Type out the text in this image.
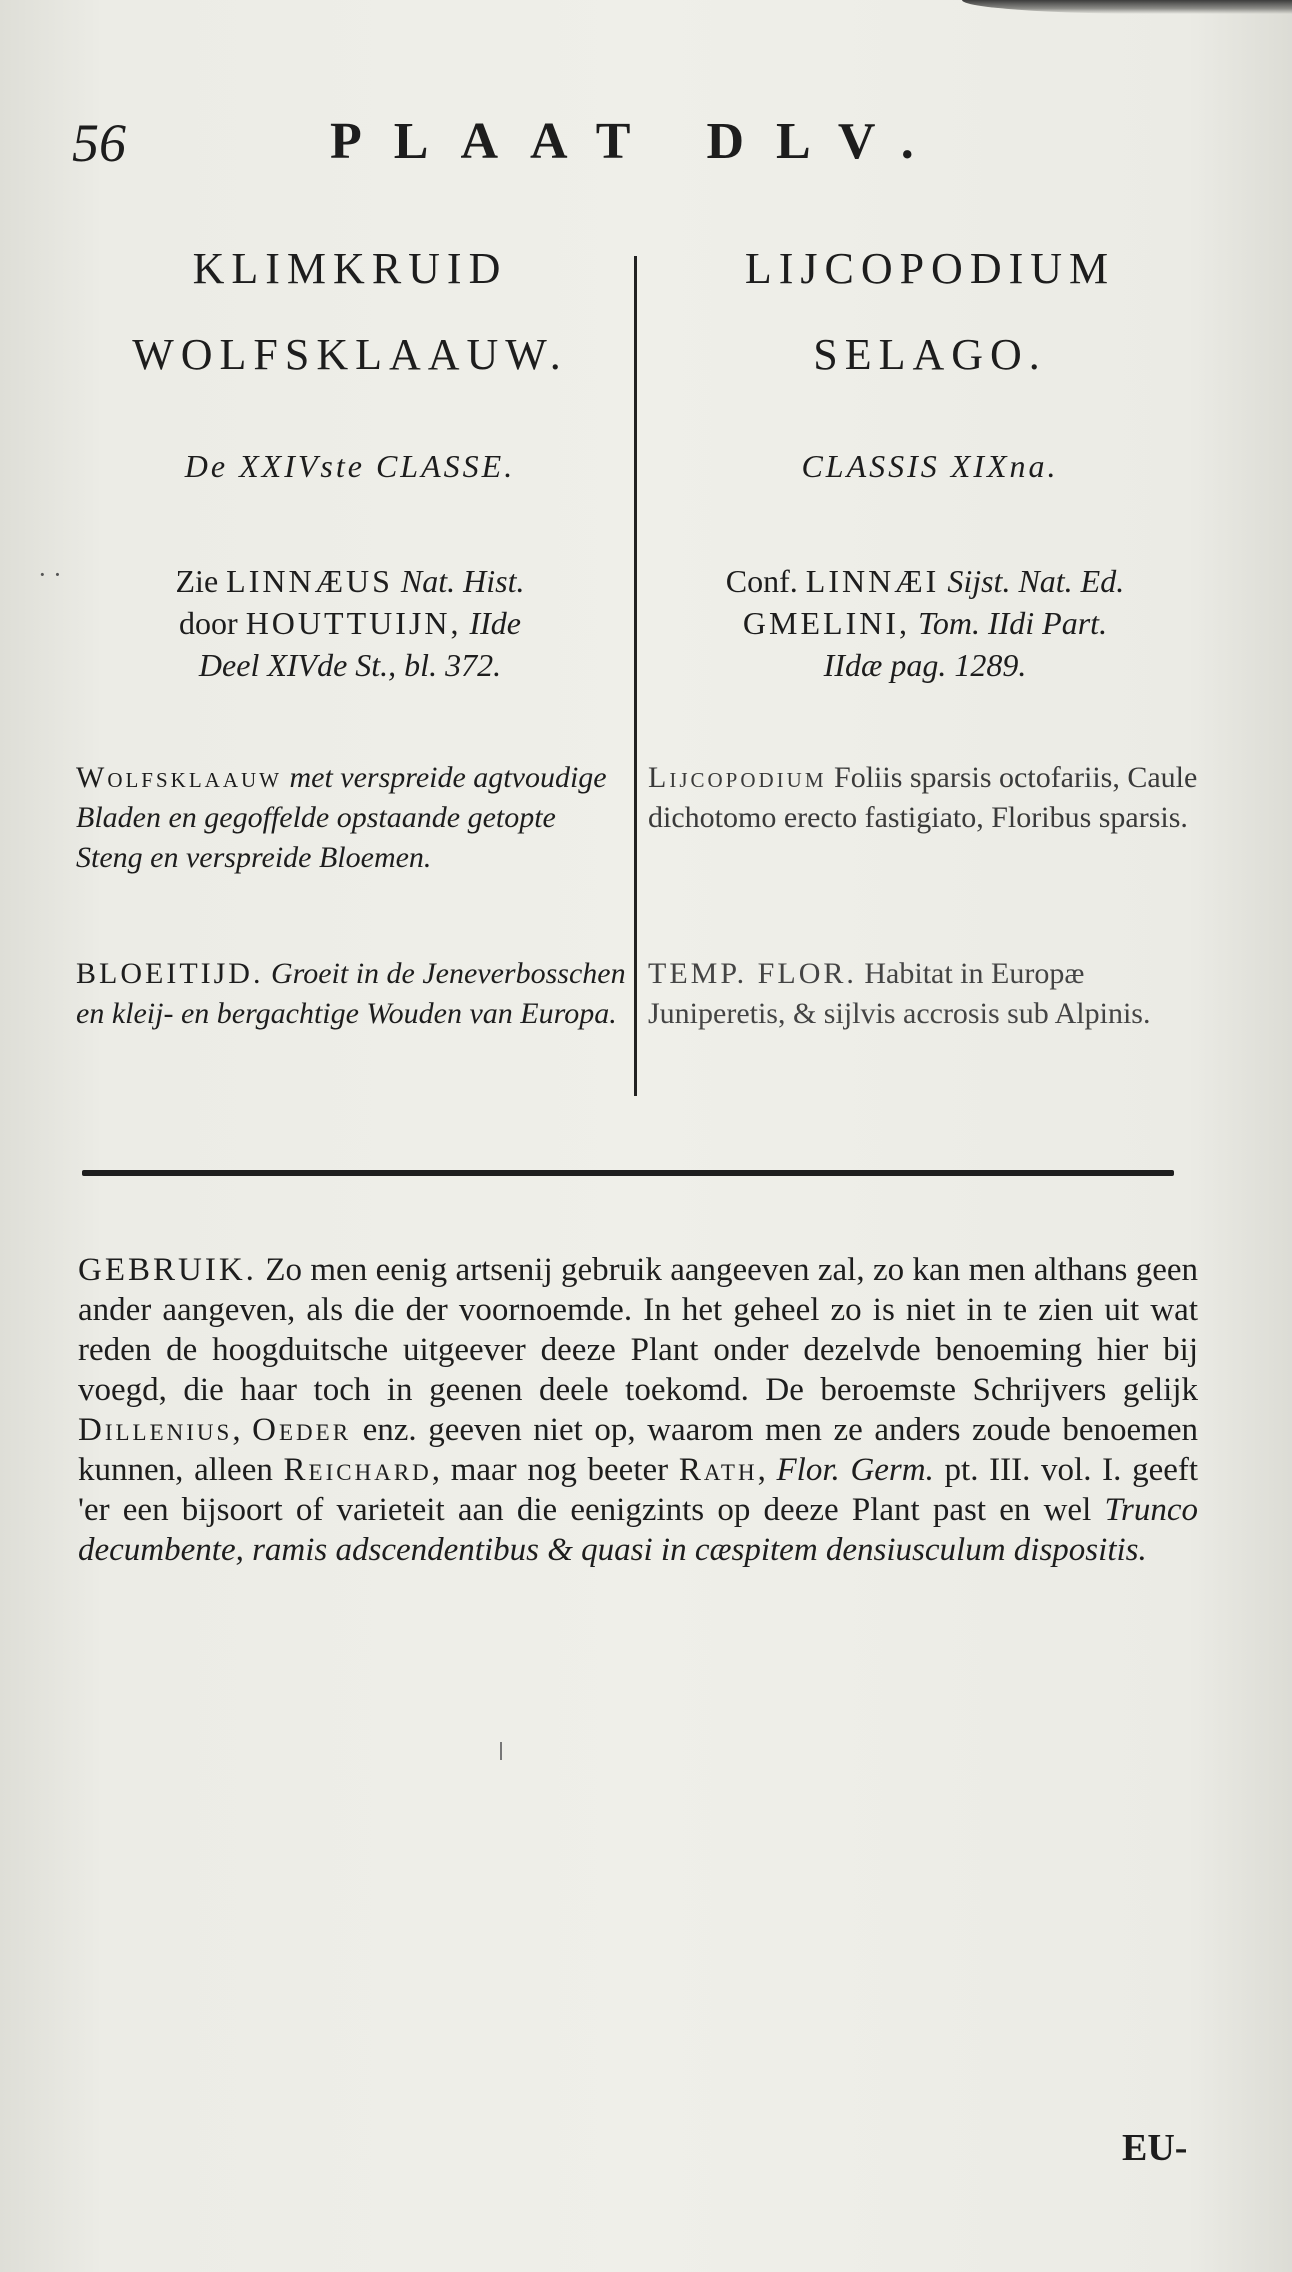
56	PLAAT DLV.
KLIMKRUID
WOLFSKLAAUW.
De XXIVste CLASSE.
· ·	Zie LINNÆUS Nat. Hist.
door HOUTTUIJN, IIde
Deel XIVde St., bl. 372.
Wolfsklaauw met verspreide agtvoudige Bladen en gegoffelde opstaande getopte Steng en verspreide Bloemen.
BLOEITIJD. Groeit in de Jeneverbosschen en kleij- en bergachtige Wouden van Europa.
LIJCOPODIUM
SELAGO.
CLASSIS XIXna.
Conf. LINNÆI Sijst. Nat. Ed.
GMELINI, Tom. IIdi Part.
IIdæ pag. 1289.
Lijcopodium Foliis sparsis octofariis, Caule dichotomo erecto fastigiato, Floribus sparsis.
TEMP. FLOR. Habitat in Europæ Juniperetis, & sijlvis accrosis sub Alpinis.
GEBRUIK. Zo men eenig artsenij gebruik aangeeven zal, zo kan men althans geen ander aangeven, als die der voornoemde. In het geheel zo is niet in te zien uit wat reden de hoogduitsche uitgeever deeze Plant onder dezelvde benoeming hier bij voegd, die haar toch in geenen deele toekomd. De beroemste Schrijvers gelijk Dillenius, Oeder enz. geeven niet op, waarom men ze anders zoude benoemen kunnen, alleen Reichard, maar nog beeter Rath, Flor. Germ. pt. III. vol. I. geeft 'er een bijsoort of varieteit aan die eenigzints op deeze Plant past en wel Trunco decumbente, ramis adscendentibus & quasi in cæspitem densiusculum dispositis.
EU-
